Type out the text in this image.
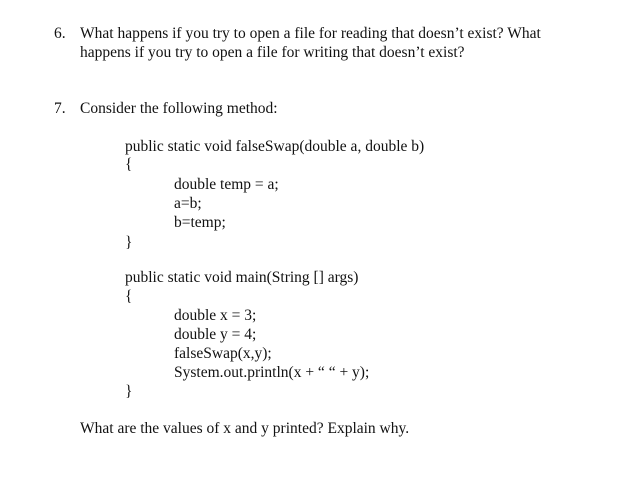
6. What happens if you try to open a file for reading that doesn’t exist? What
happens if you try to open a file for writing that doesn’t exist?
7. Consider the following method:
public static void falseSwap(double a, double b)
{
double temp = a;
a=b;
b=temp;
}
public static void main(String [] args)
{
double x = 3;
double y = 4;
falseSwap(x,y);
System.out.println(x + “ “ + y);
}
What are the values of x and y printed? Explain why.
